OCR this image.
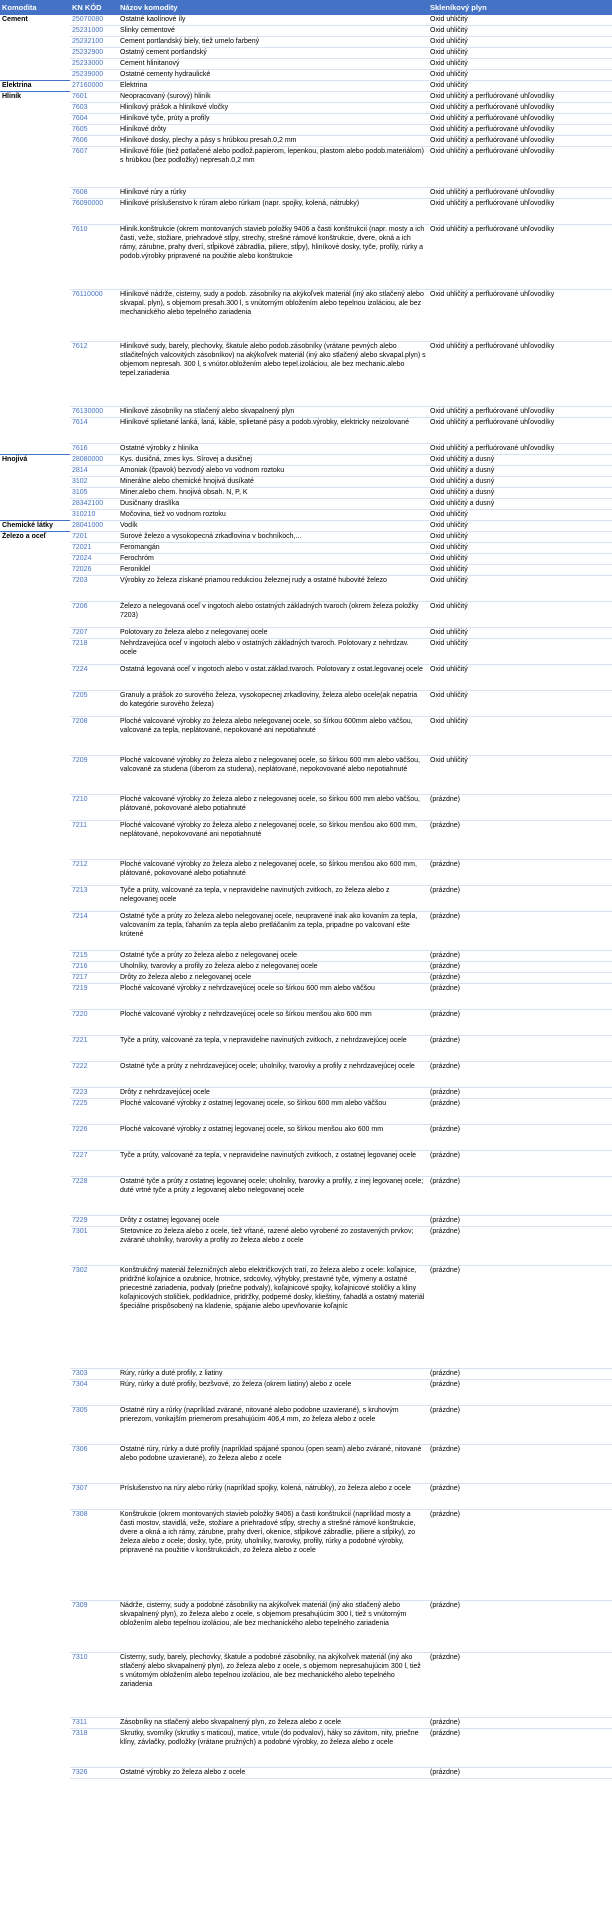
Komodita	KN KÓD	Názov komodity	Skleníkový plyn
Cement	25070080	Ostatné kaolínové íly	Oxid uhličitý
	25231000	Slinky cementové	Oxid uhličitý
	25232100	Cement portlandský biely, tiež umelo farbený	Oxid uhličitý
	25232900	Ostatný cement portlandský	Oxid uhličitý
	25233000	Cement hlinitanový	Oxid uhličitý
	25239000	Ostatné cementy hydraulické	Oxid uhličitý
Elektrina	27160000	Elektrina	Oxid uhličitý
Hliník	7601	Neopracovaný (surový) hliník	Oxid uhličitý a perfluórované uhľovodíky
	7603	Hliníkový prášok a hliníkové vločky	Oxid uhličitý a perfluórované uhľovodíky
	7604	Hliníkové tyče, prúty a profily	Oxid uhličitý a perfluórované uhľovodíky
	7605	Hliníkové drôty	Oxid uhličitý a perfluórované uhľovodíky
	7606	Hliníkové dosky, plechy a pásy s hrúbkou presah.0,2 mm	Oxid uhličitý a perfluórované uhľovodíky
	7607	Hliníkové fólie (tiež potlačené alebo podlož.papierom, lepenkou, plastom alebo podob.materiálom) s hrúbkou (bez podložky) nepresah.0,2 mm	Oxid uhličitý a perfluórované uhľovodíky
	7608	Hliníkové rúry a rúrky	Oxid uhličitý a perfluórované uhľovodíky
	76090000	Hliníkové príslušenstvo k rúram alebo rúrkam (napr. spojky, kolená, nátrubky)	Oxid uhličitý a perfluórované uhľovodíky
	7610	Hliník.konštrukcie (okrem montovaných stavieb položky 9406 a časti konštrukcií (napr. mosty a ich časti, veže, stožiare, priehradové stĺpy, strechy, strešné rámové konštrukcie, dvere, okná a ich rámy, zárubne, prahy dverí, stĺpikové zábradlia, piliere, stĺpy), hliníkové dosky, tyče, profily, rúrky a podob.výrobky pripravené na použitie alebo konštrukcie	Oxid uhličitý a perfluórované uhľovodíky
	76110000	Hliníkové nádrže, cisterny, sudy a podob. zásobníky na akýkoľvek materiál (iný ako stlačený alebo skvapal. plyn), s objemom presah.300 l, s vnútorným obložením alebo tepelnou izoláciou, ale bez mechanického alebo tepelného zariadenia	Oxid uhličitý a perfluórované uhľovodíky
	7612	Hliníkové sudy, barely, plechovky, škatule alebo podob.zásobníky (vrátane pevných alebo stlačiteľných valcovitých zásobníkov) na akýkoľvek materiál (iný ako stlačený alebo skvapal.plyn) s objemom nepresah. 300 l, s vnútor.obložením alebo tepel.izoláciou, ale bez mechanic.alebo tepel.zariadenia	Oxid uhličitý a perfluórované uhľovodíky
	76130000	Hliníkové zásobníky na stlačený alebo skvapalnený plyn	Oxid uhličitý a perfluórované uhľovodíky
	7614	Hliníkové splietané lanká, laná, káble, splietané pásy a podob.výrobky, elektricky neizolované	Oxid uhličitý a perfluórované uhľovodíky
	7616	Ostatné výrobky z hliníka	Oxid uhličitý a perfluórované uhľovodíky
Hnojivá	28080000	Kys. dusičná, zmes kys. Sírovej a dusičnej	Oxid uhličitý a dusný
	2814	Amoniak (čpavok) bezvodý alebo vo vodnom roztoku	Oxid uhličitý a dusný
	3102	Minerálne alebo chemické hnojivá dusíkaté	Oxid uhličitý a dusný
	3105	Miner.alebo chem. hnojivá obsah. N, P, K	Oxid uhličitý a dusný
	28342100	Dusičnany draslíka	Oxid uhličitý a dusný
	310210	Močovina, tiež vo vodnom roztoku	Oxid uhličitý
Chemické látky	28041000	Vodík	Oxid uhličitý
Železo a oceľ	7201	Surové železo a vysokopecná zrkadlovina v bochníkoch,...	Oxid uhličitý
	72021	Feromangán	Oxid uhličitý
	72024	Ferochróm	Oxid uhličitý
	72026	Feroniklel	Oxid uhličitý
	7203	Výrobky zo železa získané priamou redukciou železnej rudy a ostatné hubovité železo	Oxid uhličitý
	7206	Železo a nelegovaná oceľ v ingotoch alebo ostatných základných tvaroch (okrem železa položky 7203)	Oxid uhličitý
	7207	Polotovary zo železa alebo z nelegovanej ocele	Oxid uhličitý
	7218	Nehrdzavejúca oceľ v ingotoch alebo v ostatných základných tvaroch. Polotovary z nehrdzav. ocele	Oxid uhličitý
	7224	Ostatná legovaná oceľ v ingotoch alebo v ostat.základ.tvaroch. Polotovary z ostat.legovanej ocele	Oxid uhličitý
	7205	Granuly a prášok zo surového železa, vysokopecnej zrkadloviny, železa alebo ocele(ak nepatria do kategórie surového železa)	Oxid uhličitý
	7208	Ploché valcované výrobky zo železa alebo nelegovanej ocele, so šírkou 600mm alebo väčšou, valcované za tepla, neplátované, nepokované ani nepotiahnuté	Oxid uhličitý
	7209	Ploché valcované výrobky zo železa alebo z nelegovanej ocele, so šírkou 600 mm alebo väčšou, valcované za studena (úberom za studena), neplátované, nepokovované alebo nepotiahnuté	Oxid uhličitý
	7210	Ploché valcované výrobky zo železa alebo z nelegovanej ocele, so šírkou 600 mm alebo väčšou, plátované, pokovované alebo potiahnuté	(prázdne)
	7211	Ploché valcované výrobky zo železa alebo z nelegovanej ocele, so šírkou menšou ako 600 mm, neplátované, nepokovované ani nepotiahnuté	(prázdne)
	7212	Ploché valcované výrobky zo železa alebo z nelegovanej ocele, so šírkou menšou ako 600 mm, plátované, pokovované alebo potiahnuté	(prázdne)
	7213	Tyče a prúty, valcované za tepla, v nepravidelne navinutých zvitkoch, zo železa alebo z nelegovanej ocele	(prázdne)
	7214	Ostatné tyče a prúty zo železa alebo nelegovanej ocele, neupravené inak ako kovaním za tepla, valcovaním za tepla, ťahaním za tepla alebo pretláčaním za tepla, pripadne po valcovaní ešte krútené	(prázdne)
	7215	Ostatné tyče a prúty zo železa alebo z nelegovanej ocele	(prázdne)
	7216	Uholníky, tvarovky a profily zo železa alebo z nelegovanej ocele	(prázdne)
	7217	Drôty zo železa alebo z nelegovanej ocele	(prázdne)
	7219	Ploché valcované výrobky z nehrdzavejúcej ocele so šírkou 600 mm alebo väčšou	(prázdne)
	7220	Ploché valcované výrobky z nehrdzavejúcej ocele so šírkou menšou ako 600 mm	(prázdne)
	7221	Tyče a prúty, valcované za tepla, v nepravidelne navinutých zvitkoch, z nehrdzavejúcej ocele	(prázdne)
	7222	Ostatné tyče a prúty z nehrdzavejúcej ocele; uholníky, tvarovky a profily z nehrdzavejúcej ocele	(prázdne)
	7223	Drôty z nehrdzavejúcej ocele	(prázdne)
	7225	Ploché valcované výrobky z ostatnej legovanej ocele, so šírkou 600 mm alebo väčšou	(prázdne)
	7226	Ploché valcované výrobky z ostatnej legovanej ocele, so šírkou menšou ako 600 mm	(prázdne)
	7227	Tyče a prúty, valcované za tepla, v nepravidelne navinutých zvitkoch, z ostatnej legovanej ocele	(prázdne)
	7228	Ostatné tyče a prúty z ostatnej legovanej ocele; uholníky, tvarovky a profily, z inej legovanej ocele; duté vrtné tyče a prúty z legovanej alebo nelegovanej ocele	(prázdne)
	7229	Drôty z ostatnej legovanej ocele	(prázdne)
	7301	Štetovnice zo železa alebo z ocele, tiež vŕtané, razené alebo vyrobené zo zostavených prvkov; zvárané uholníky, tvarovky a profily zo železa alebo z ocele	(prázdne)
	7302	Konštrukčný materiál železničných alebo električkových tratí, zo železa alebo z ocele: koľajnice, pridržné koľajnice a ozubnice, hrotnice, srdcovky, výhybky, prestavné tyče, výmeny a ostatné priecestné zariadenia, podvaly (priečne podvaly), koľajnicové spojky, koľajnicové stoličky a kliny koľajnicových stoličiek, podkladnice, pridržky, podperné dosky, klieštiny, ťahadlá a ostatný materiál špeciálne prispôsobený na kladenie, spájanie alebo upevňovanie koľajníc	(prázdne)
	7303	Rúry, rúrky a duté profily, z liatiny	(prázdne)
	7304	Rúry, rúrky a duté profily, bezšvové, zo železa (okrem liatiny) alebo z ocele	(prázdne)
	7305	Ostatné rúry a rúrky (napríklad zvárané, nitované alebo podobne uzavierané), s kruhovým prierezom, vonkajším priemerom presahujúcim 406,4 mm, zo železa alebo z ocele	(prázdne)
	7306	Ostatné rúry, rúrky a duté profily (napríklad spájané sponou (open seam) alebo zvárané, nitované alebo podobne uzavierané), zo železa alebo z ocele	(prázdne)
	7307	Príslušenstvo na rúry alebo rúrky (napríklad spojky, kolená, nátrubky), zo železa alebo z ocele	(prázdne)
	7308	Konštrukcie (okrem montovaných stavieb položky 9406) a časti konštrukcií (napríklad mosty a časti mostov, stavidlá, veže, stožiare a priehradové stĺpy, strechy a strešné rámové konštrukcie, dvere a okná a ich rámy, zárubne, prahy dverí, okenice, stĺpikové zábradlie, piliere a stĺpiky), zo železa alebo z ocele; dosky, tyče, prúty, uholníky, tvarovky, profily, rúrky a podobné výrobky, pripravené na použitie v konštrukciách, zo železa alebo z ocele	(prázdne)
	7309	Nádrže, cisterny, sudy a podobné zásobníky na akýkoľvek materiál (iný ako stlačený alebo skvapalnený plyn), zo železa alebo z ocele, s objemom presahujúcim 300 l, tiež s vnútorným obložením alebo tepelnou izoláciou, ale bez mechanického alebo tepelného zariadenia	(prázdne)
	7310	Cisterny, sudy, barely, plechovky, škatule a podobné zásobníky, na akýkoľvek materiál (iný ako stlačený alebo skvapalnený plyn), zo železa alebo z ocele, s objemom nepresahujúcim 300 l, tiež s vnútorným obložením alebo tepelnou izoláciou, ale bez mechanického alebo tepelného zariadenia	(prázdne)
	7311	Zásobníky na stlačený alebo skvapalnený plyn, zo železa alebo z ocele	(prázdne)
	7318	Skrutky, svorníky (skrutky s maticou), matice, vrtule (do podvalov), háky so závitom, nity, priečne klíny, závlačky, podložky (vrátane pružných) a podobné výrobky, zo železa alebo z ocele	(prázdne)
	7326	Ostatné výrobky zo železa alebo z ocele	(prázdne)
